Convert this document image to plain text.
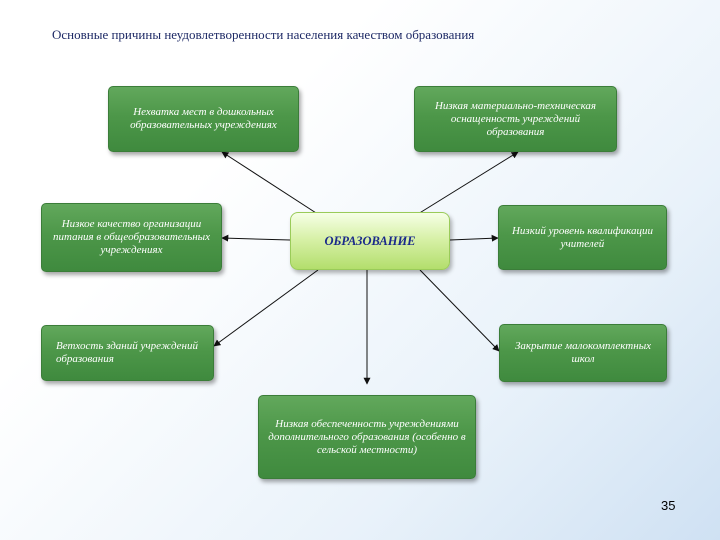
Основные причины неудовлетворенности населения качеством образования
Нехватка мест в дошкольных образовательных учреждениях
Низкая материально-техническая оснащенность учреждений образования
Низкое качество организации питания в общеобразовательных учреждениях
ОБРАЗОВАНИЕ
Низкий уровень квалификации учителей
Ветхость зданий учреждений образования
Закрытие малокомплектных школ
Низкая обеспеченность учреждениями дополнительного образования (особенно в сельской местности)
35
